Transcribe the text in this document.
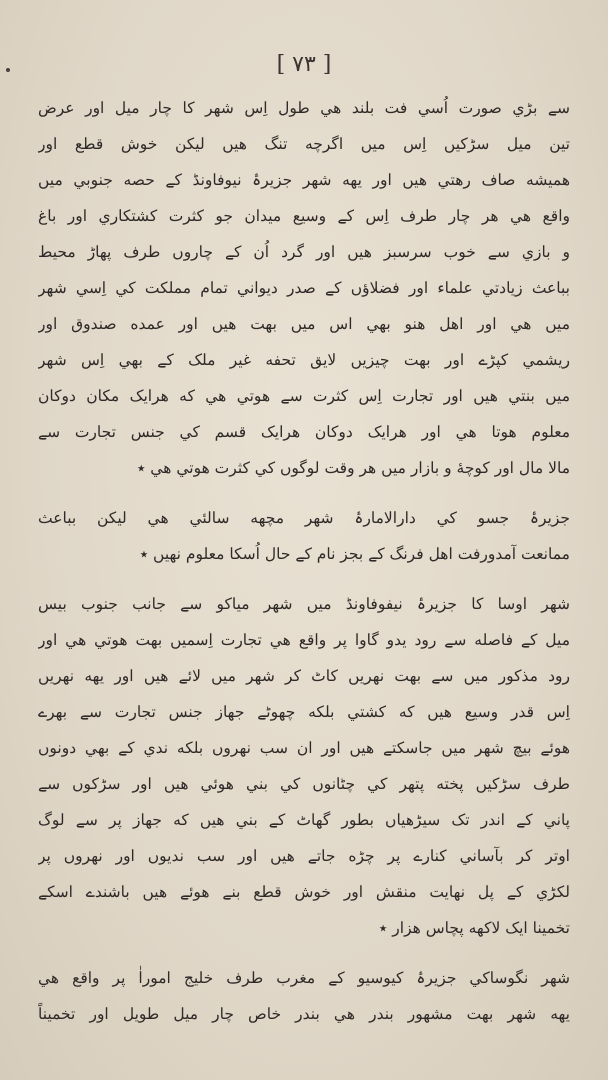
[ ٧٣ ]
سے بڑي صورت اُسي فت بلند هي طول اِس شهر کا چار ميل اور عرض
تين ميل سڑکيں اِس ميں اگرچه تنگ هيں ليکن خوش قطع اور
هميشه صاف رهتي هيں اور يهه شهر جزيرۂ نيوفاونڈ کے حصه جنوبي ميں
واقع هي هر چار طرف اِس کے وسيع ميدان جو کثرت کشتکاري اور باغ
و بازي سے خوب سرسبز هيں اور گرد اُن کے چاروں طرف پهاڑ محيط
بباعث زيادتي علماء اور فضلاؤں کے صدر ديواني تمام مملکت کي اِسي شهر
ميں هي اور اهل هنو بهي اس ميں بهت هيں اور عمده صندوق اور
ريشمي کپڑے اور بهت چيزيں لايق تحفه غير ملک کے بهي اِس شهر
ميں بنتي هيں اور تجارت اِس کثرت سے هوتي هي که هرايک مکان دوکان
معلوم هوتا هي اور هرايک دوکان هرايک قسم کي جنس تجارت سے
مالا مال اور کوچهٔ و بازار ميں هر وقت لوگوں کي کثرت هوتي هي ٭
جزيرۂ جسو کي دارالامارۂ شهر مچهه سالئي هي ليکن بباعث
ممانعت آمدورفت اهل فرنگ کے بجز نام کے حال اُسکا معلوم نهيں ٭
شهر اوسا کا جزيرۂ نيفوفاونڈ ميں شهر مياکو سے جانب جنوب بيس
ميل کے فاصله سے رود يدو گاوا پر واقع هي تجارت اِسميں بهت هوتي هي اور
رود مذکور ميں سے بهت نهريں کاٹ کر شهر ميں لائے هيں اور يهه نهريں
اِس قدر وسيع هيں که کشتي بلکه چهوٹے جهاز جنس تجارت سے بهرے
هوئے بيچ شهر ميں جاسکتے هيں اور ان سب نهروں بلکه ندي کے بهي دونوں
طرف سڑکيں پخته پتهر کي چٹانوں کي بني هوئي هيں اور سڑکوں سے
پاني کے اندر تک سيڑهياں بطور گهاٹ کے بني هيں که جهاز پر سے لوگ
اوتر کر بآساني کنارے پر چڑه جاتے هيں اور سب نديوں اور نهروں پر
لکڑي کے پل نهايت منقش اور خوش قطع بنے هوئے هيں باشندے اسکے
تخمينا ايک لاکهه پچاس هزار ٭
شهر نگوساکي جزيرۂ کيوسيو کے مغرب طرف خليج اموراٰ پر واقع هي
يهه شهر بهت مشهور بندر هي بندر خاص چار ميل طويل اور تخميناً
